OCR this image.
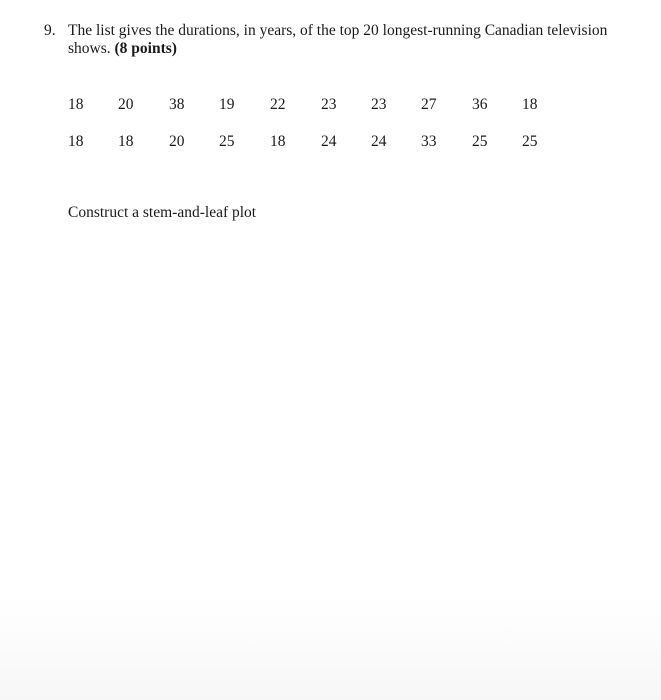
9. The list gives the durations, in years, of the top 20 longest-running Canadian television shows. (8 points)
18	20	38	19	22	23	23	27	36	18
18	18	20	25	18	24	24	33	25	25
Construct a stem-and-leaf plot
